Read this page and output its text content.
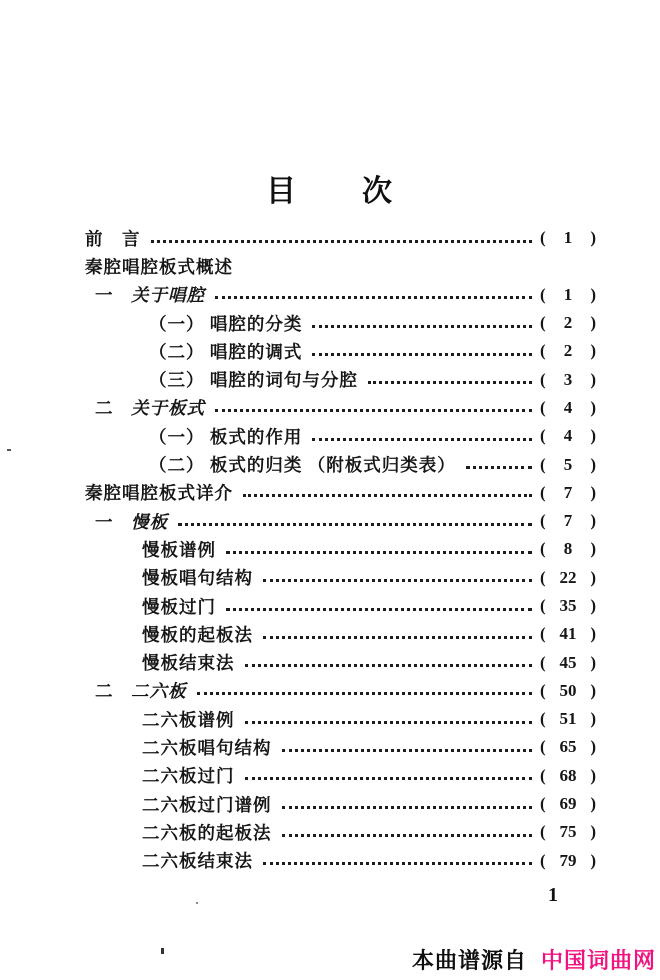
目　　次
前　言	(	1	)
秦腔唱腔板式概述
一	关于唱腔	(	1	)
（一） 唱腔的分类	(	2	)
（二） 唱腔的调式	(	2	)
（三） 唱腔的词句与分腔	(	3	)
二	关于板式	(	4	)
（一） 板式的作用	(	4	)
（二） 板式的归类 （附板式归类表）	(	5	)
秦腔唱腔板式详介	(	7	)
一	慢板	(	7	)
慢板谱例	(	8	)
慢板唱句结构	( 22 )
慢板过门	( 35 )
慢板的起板法	( 41 )
慢板结束法	( 45 )
二	二六板	( 50 )
二六板谱例	( 51 )
二六板唱句结构	( 65 )
二六板过门	( 68 )
二六板过门谱例	( 69 )
二六板的起板法	( 75 )
二六板结束法	( 79 )
1
本曲谱源自 中国词曲网
